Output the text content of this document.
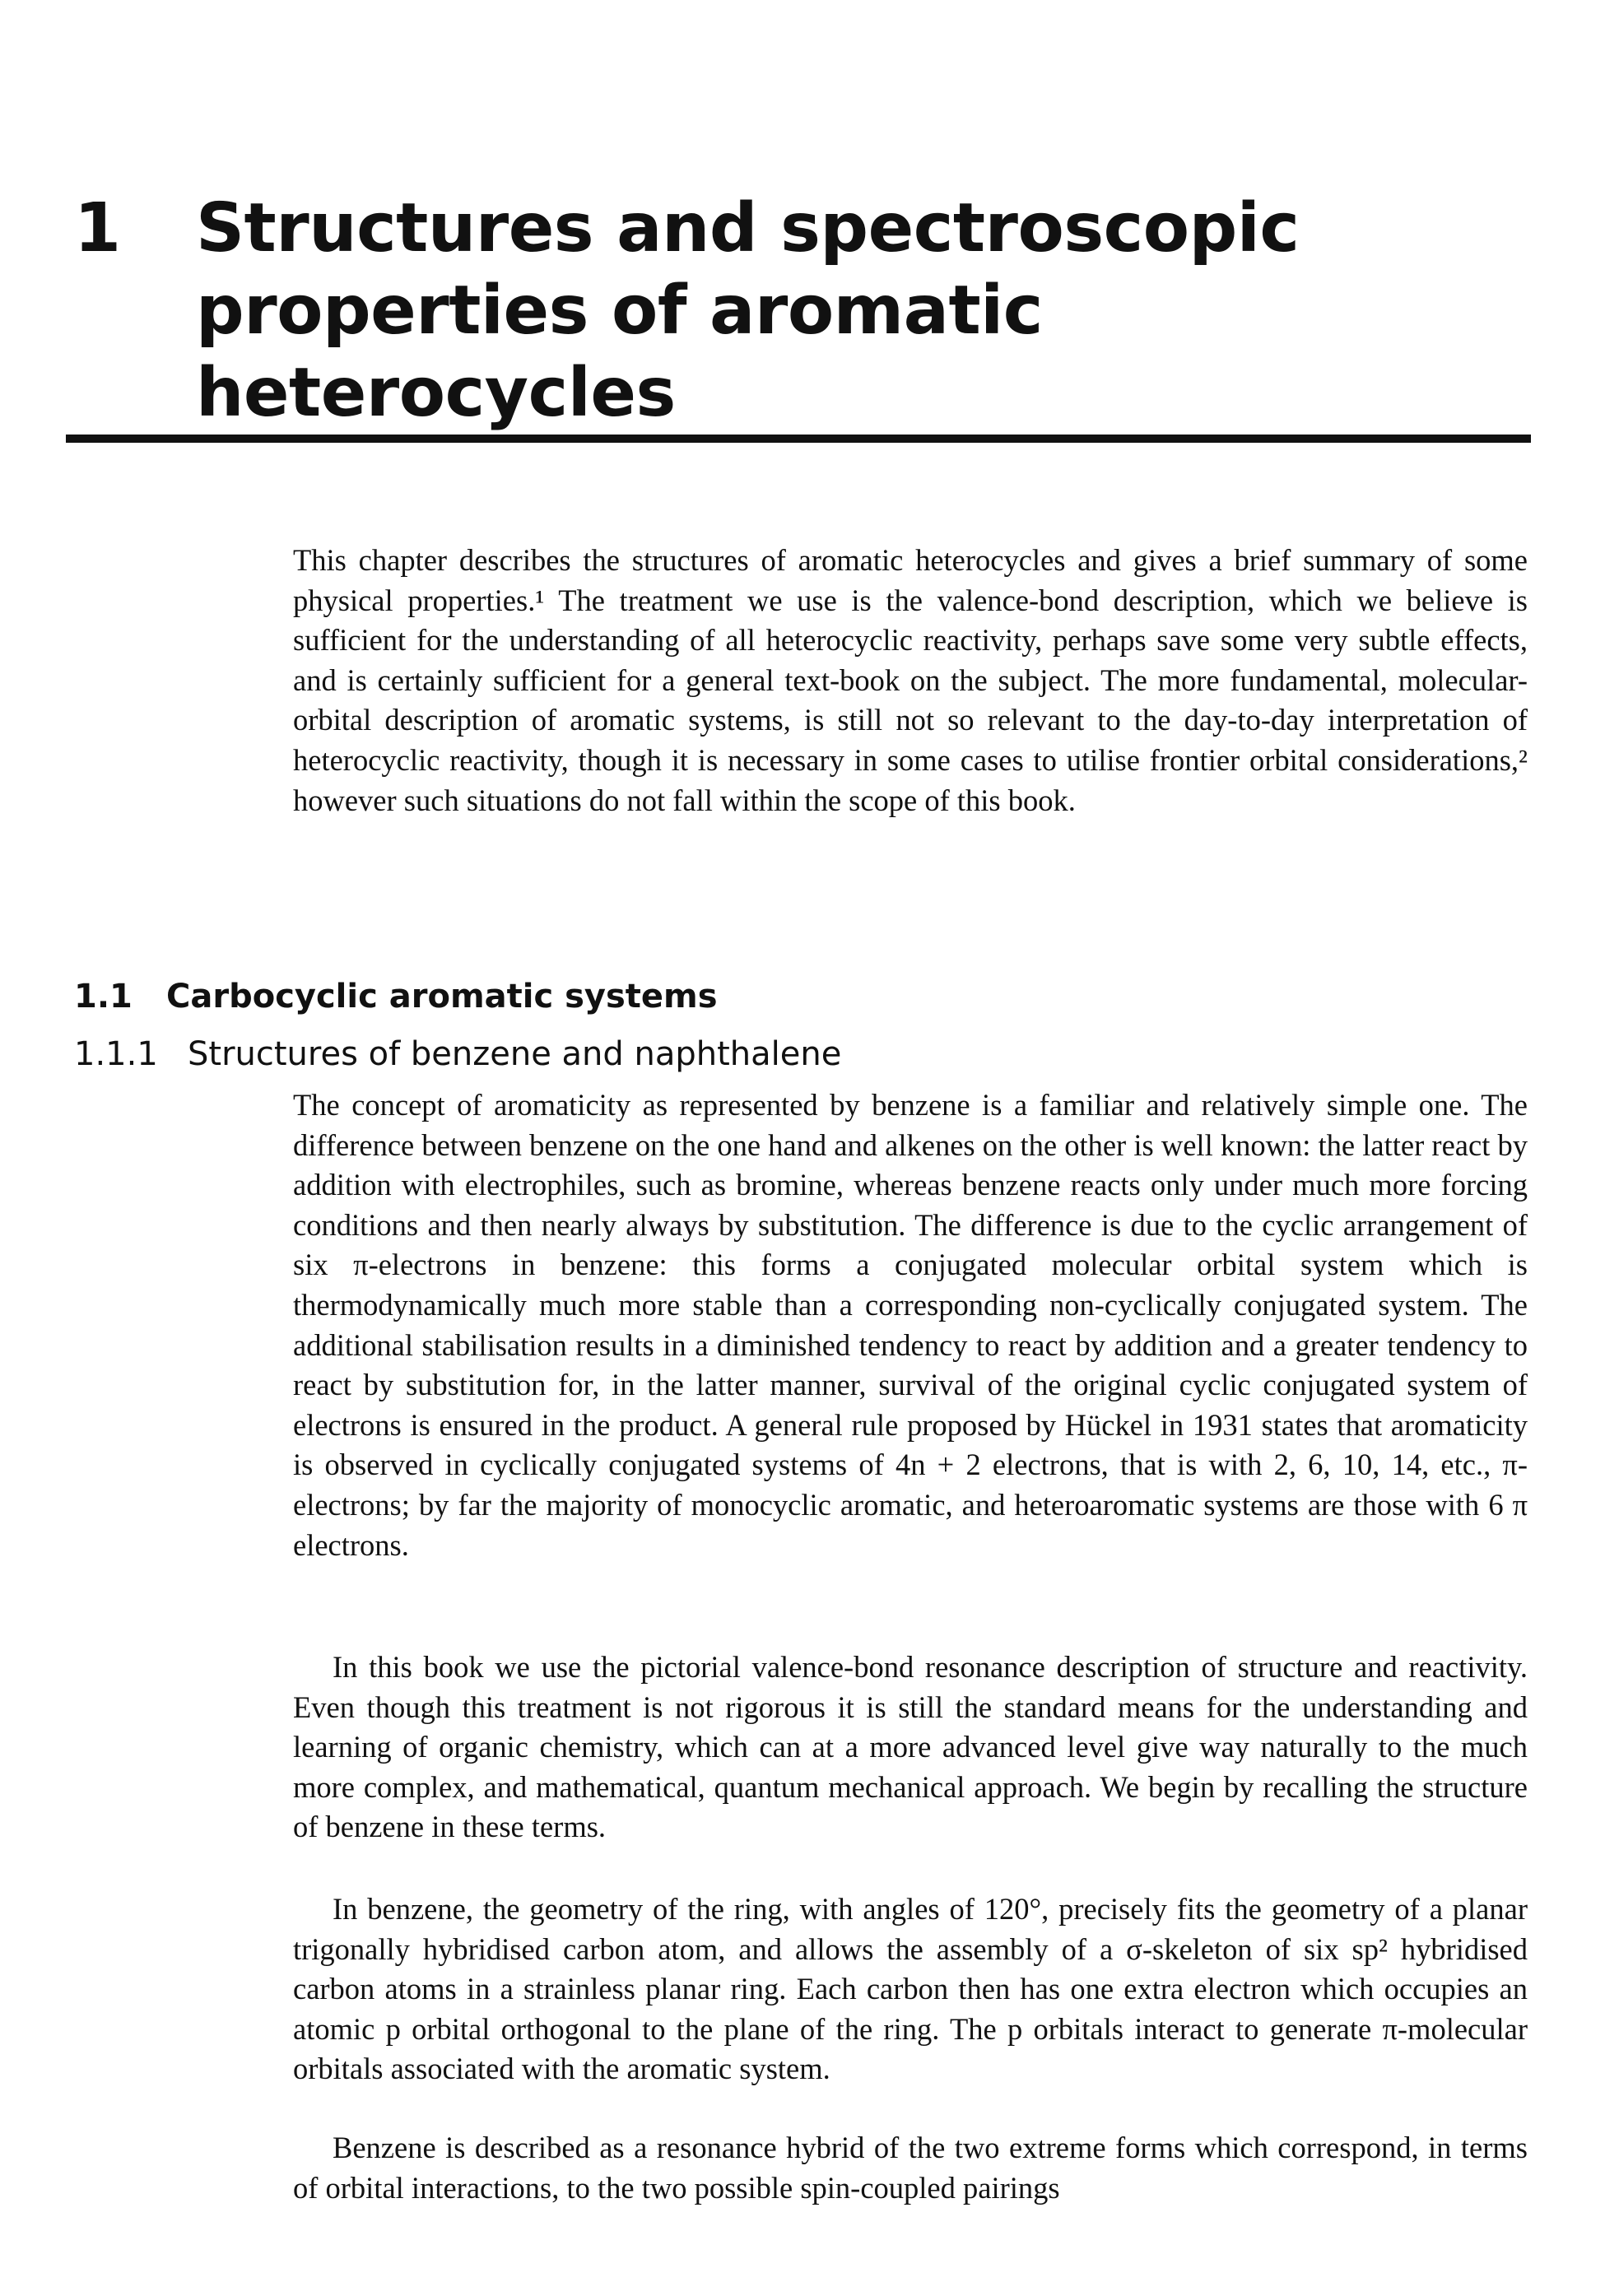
1 Structures and spectroscopic properties of aromatic heterocycles

This chapter describes the structures of aromatic heterocycles and gives a brief summary of some physical properties.¹ The treatment we use is the valence-bond description, which we believe is sufficient for the understanding of all heterocyclic reactivity, perhaps save some very subtle effects, and is certainly sufficient for a general text-book on the subject. The more fundamental, molecular-orbital description of aromatic systems, is still not so relevant to the day-to-day interpretation of heterocyclic reactivity, though it is necessary in some cases to utilise frontier orbital considerations,² however such situations do not fall within the scope of this book.

1.1 Carbocyclic aromatic systems
1.1.1 Structures of benzene and naphthalene

The concept of aromaticity as represented by benzene is a familiar and relatively simple one. The difference between benzene on the one hand and alkenes on the other is well known: the latter react by addition with electrophiles, such as bromine, whereas benzene reacts only under much more forcing conditions and then nearly always by substitution. The difference is due to the cyclic arrangement of six π-electrons in benzene: this forms a conjugated molecular orbital system which is thermodynamically much more stable than a corresponding non-cyclically conjugated system. The additional stabilisation results in a diminished tendency to react by addition and a greater tendency to react by substitution for, in the latter manner, survival of the original cyclic conjugated system of electrons is ensured in the product. A general rule proposed by Hückel in 1931 states that aromaticity is observed in cyclically conjugated systems of 4n + 2 electrons, that is with 2, 6, 10, 14, etc., π-electrons; by far the majority of monocyclic aromatic, and heteroaromatic systems are those with 6 π electrons.

In this book we use the pictorial valence-bond resonance description of structure and reactivity. Even though this treatment is not rigorous it is still the standard means for the understanding and learning of organic chemistry, which can at a more advanced level give way naturally to the much more complex, and mathematical, quantum mechanical approach. We begin by recalling the structure of benzene in these terms.

In benzene, the geometry of the ring, with angles of 120°, precisely fits the geometry of a planar trigonally hybridised carbon atom, and allows the assembly of a σ-skeleton of six sp² hybridised carbon atoms in a strainless planar ring. Each carbon then has one extra electron which occupies an atomic p orbital orthogonal to the plane of the ring. The p orbitals interact to generate π-molecular orbitals associated with the aromatic system.

Benzene is described as a resonance hybrid of the two extreme forms which correspond, in terms of orbital interactions, to the two possible spin-coupled pairings
